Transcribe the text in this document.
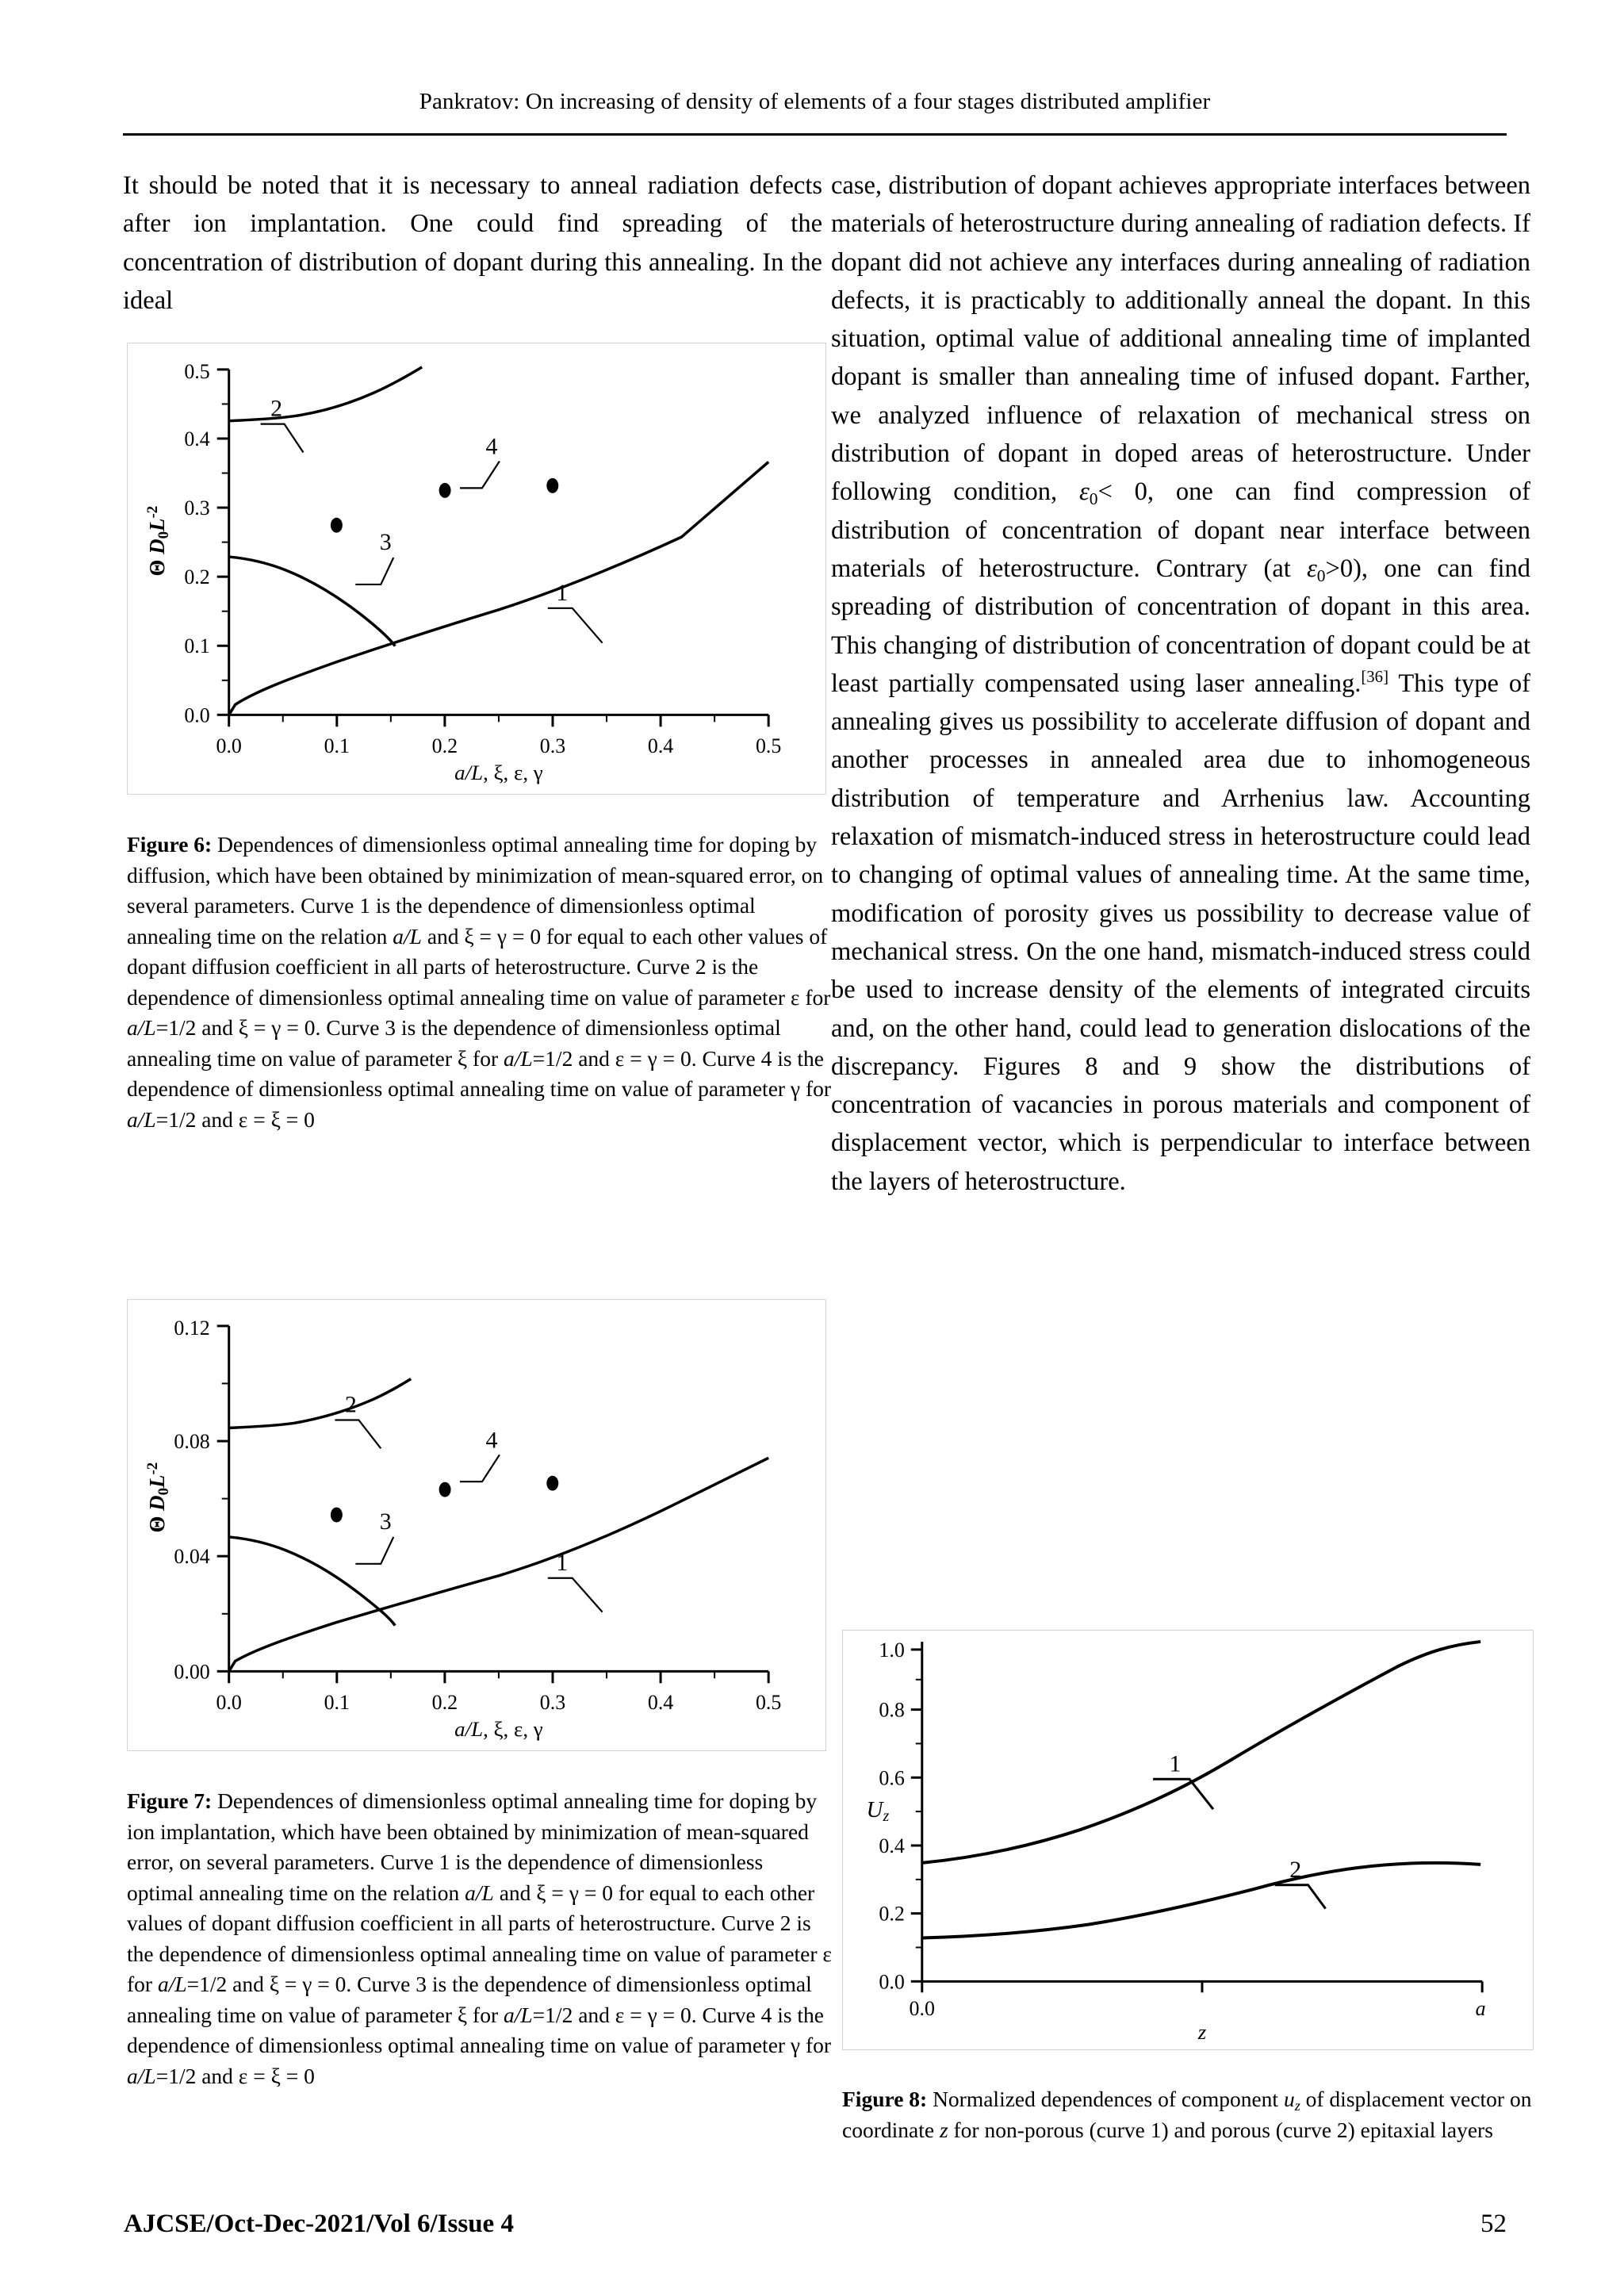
Pankratov: On increasing of density of elements of a four stages distributed amplifier

It should be noted that it is necessary to anneal radiation defects after ion implantation. One could find spreading of the concentration of distribution of dopant during this annealing. In the ideal

0.0
0.1
0.2
0.3
0.4
0.5
0.0	0.1	0.2	0.3	0.4	0.5
a/L, ξ, ε, γ
Θ D0L-2
2
3
1
4

Figure 6: Dependences of dimensionless optimal annealing time for doping by diffusion, which have been obtained by minimization of mean-squared error, on several parameters. Curve 1 is the dependence of dimensionless optimal annealing time on the relation a/L and ξ = γ = 0 for equal to each other values of dopant diffusion coefficient in all parts of heterostructure. Curve 2 is the dependence of dimensionless optimal annealing time on value of parameter ε for a/L=1/2 and ξ = γ = 0. Curve 3 is the dependence of dimensionless optimal annealing time on value of parameter ξ for a/L=1/2 and ε = γ = 0. Curve 4 is the dependence of dimensionless optimal annealing time on value of parameter γ for a/L=1/2 and ε = ξ = 0

0.00
0.04
0.08
0.12
0.0	0.1	0.2	0.3	0.4	0.5
a/L, ξ, ε, γ
Θ D0L-2
2
3
1
4

Figure 7: Dependences of dimensionless optimal annealing time for doping by ion implantation, which have been obtained by minimization of mean-squared error, on several parameters. Curve 1 is the dependence of dimensionless optimal annealing time on the relation a/L and ξ = γ = 0 for equal to each other values of dopant diffusion coefficient in all parts of heterostructure. Curve 2 is the dependence of dimensionless optimal annealing time on value of parameter ε for a/L=1/2 and ξ = γ = 0. Curve 3 is the dependence of dimensionless optimal annealing time on value of parameter ξ for a/L=1/2 and ε = γ = 0. Curve 4 is the dependence of dimensionless optimal annealing time on value of parameter γ for a/L=1/2 and ε = ξ = 0

case, distribution of dopant achieves appropriate interfaces between materials of heterostructure during annealing of radiation defects. If dopant did not achieve any interfaces during annealing of radiation defects, it is practicably to additionally anneal the dopant. In this situation, optimal value of additional annealing time of implanted dopant is smaller than annealing time of infused dopant. Farther, we analyzed influence of relaxation of mechanical stress on distribution of dopant in doped areas of heterostructure. Under following condition, $\varepsilon_0< 0$, one can find compression of distribution of concentration of dopant near interface between materials of heterostructure. Contrary (at $\varepsilon_0>0$), one can find spreading of distribution of concentration of dopant in this area. This changing of distribution of concentration of dopant could be at least partially compensated using laser annealing.[36] This type of annealing gives us possibility to accelerate diffusion of dopant and another processes in annealed area due to inhomogeneous distribution of temperature and Arrhenius law. Accounting relaxation of mismatch-induced stress in heterostructure could lead to changing of optimal values of annealing time. At the same time, modification of porosity gives us possibility to decrease value of mechanical stress. On the one hand, mismatch-induced stress could be used to increase density of the elements of integrated circuits and, on the other hand, could lead to generation dislocations of the discrepancy. Figures 8 and 9 show the distributions of concentration of vacancies in porous materials and component of displacement vector, which is perpendicular to interface between the layers of heterostructure.

0.0
0.2
0.4
0.6
0.8
1.0
0.0	a
z
Uz
1
2

Figure 8: Normalized dependences of component $u_z$ of displacement vector on coordinate z for non-porous (curve 1) and porous (curve 2) epitaxial layers

AJCSE/Oct-Dec-2021/Vol 6/Issue 4	52
